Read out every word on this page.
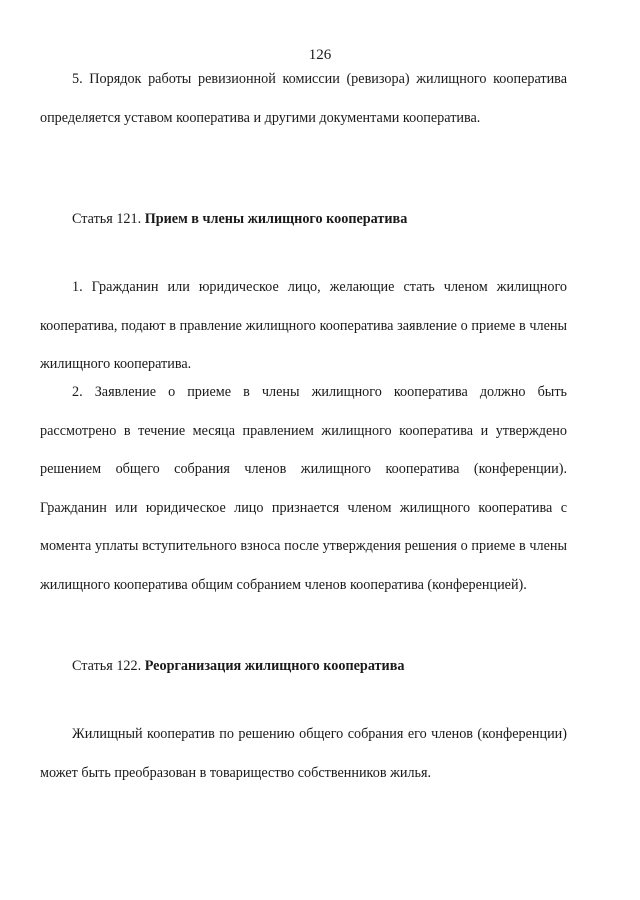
126

5. Порядок работы ревизионной комиссии (ревизора) жилищного кооператива определяется уставом кооператива и другими документами кооператива.

Статья 121. Прием в члены жилищного кооператива

1. Гражданин или юридическое лицо, желающие стать членом жилищного кооператива, подают в правление жилищного кооператива заявление о приеме в члены жилищного кооператива.

2. Заявление о приеме в члены жилищного кооператива должно быть рассмотрено в течение месяца правлением жилищного кооператива и утверждено решением общего собрания членов жилищного кооператива (конференции). Гражданин или юридическое лицо признается членом жилищного кооператива с момента уплаты вступительного взноса после утверждения решения о приеме в члены жилищного кооператива общим собранием членов кооператива (конференцией).

Статья 122. Реорганизация жилищного кооператива

Жилищный кооператив по решению общего собрания его членов (конференции) может быть преобразован в товарищество собственников жилья.
